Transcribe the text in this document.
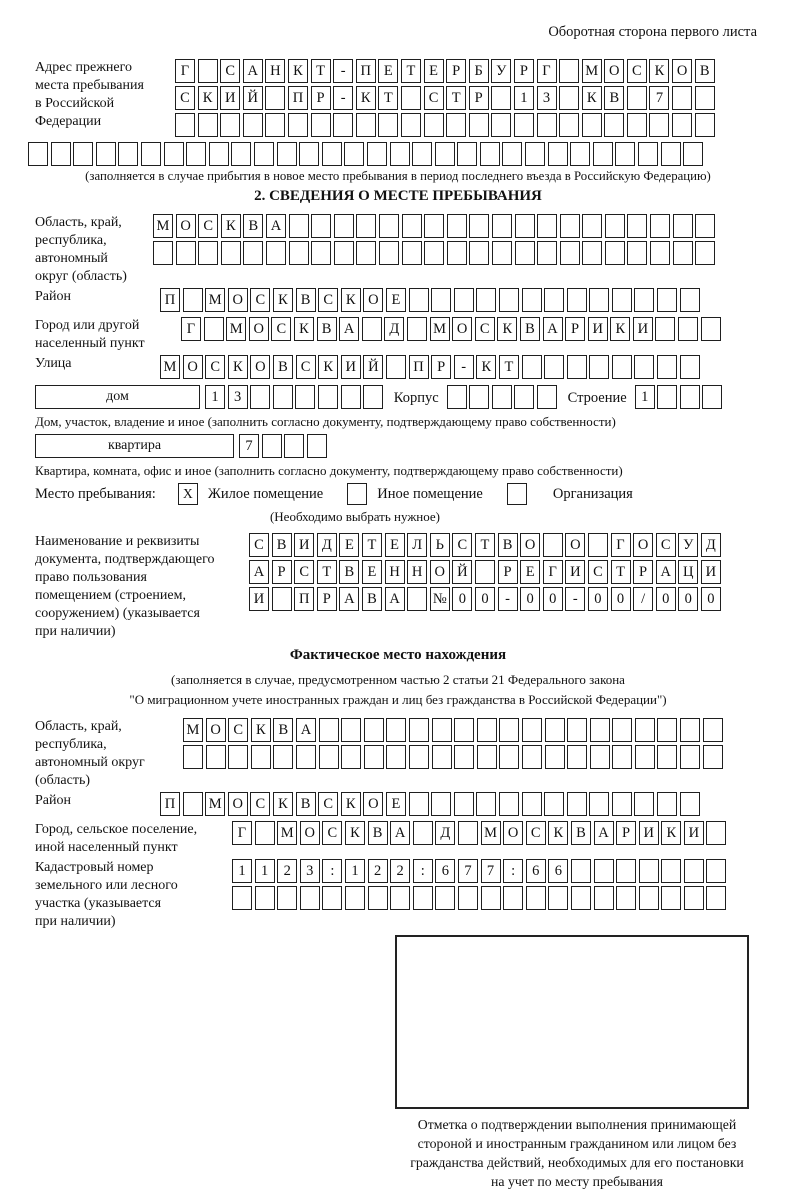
Оборотная сторона первого листа
Адрес прежнего
места пребывания
в Российской
Федерации
Г	С А Н К Т	-	П Е Т Е Р Б У Р Г	М О С К О В
С К И Й	П Р	-	К Т	С Т Р	1	3	К В	7
(заполняется в случае прибытия в новое место пребывания в период последнего въезда в Российскую Федерацию)
2. СВЕДЕНИЯ О МЕСТЕ ПРЕБЫВАНИЯ
Область, край,
республика,
автономный
округ (область)
М О С К В А
Район	П	М О С К В С К О Е
Город или другой
населенный пункт
Г	М О С К В А	Д	М О С К В А Р И К И
Улица	М О С К О В С К И Й	П Р	-	К Т
дом	1	3	Корпус	Строение 1
Дом, участок, владение и иное (заполнить согласно документу, подтверждающему право собственности)
квартира	7
Квартира, комната, офис и иное (заполнить согласно документу, подтверждающему право собственности)
Место пребывания:	X	Жилое помещение	Иное помещение	Организация
(Необходимо выбрать нужное)
Наименование и реквизиты
документа, подтверждающего
право пользования
помещением (строением,
сооружением) (указывается
при наличии)
С В И Д Е Т Е Л Ь С Т В О	О	Г О С У Д
А Р С Т В Е Н Н О Й	Р Е Г И С Т Р А Ц И
И	П Р А В А	№ 0	0	-	0	0	-	0	0	/	0	0	0
Фактическое место нахождения
(заполняется в случае, предусмотренном частью 2 статьи 21 Федерального закона
"О миграционном учете иностранных граждан и лиц без гражданства в Российской Федерации")
Область, край,
республика,
автономный округ
(область)
М О С К В А
Район	П	М О С К В С К О Е
Город, сельское поселение,
иной населенный пункт
Г	М О С К В А	Д	М О С К В А Р И К И
Кадастровый номер
земельного или лесного
участка (указывается
при наличии)
1	1	2	3	:	1	2	2	:	6	7	7	:	6	6
Отметка о подтверждении выполнения принимающей
стороной и иностранным гражданином или лицом без
гражданства действий, необходимых для его постановки
на учет по месту пребывания
